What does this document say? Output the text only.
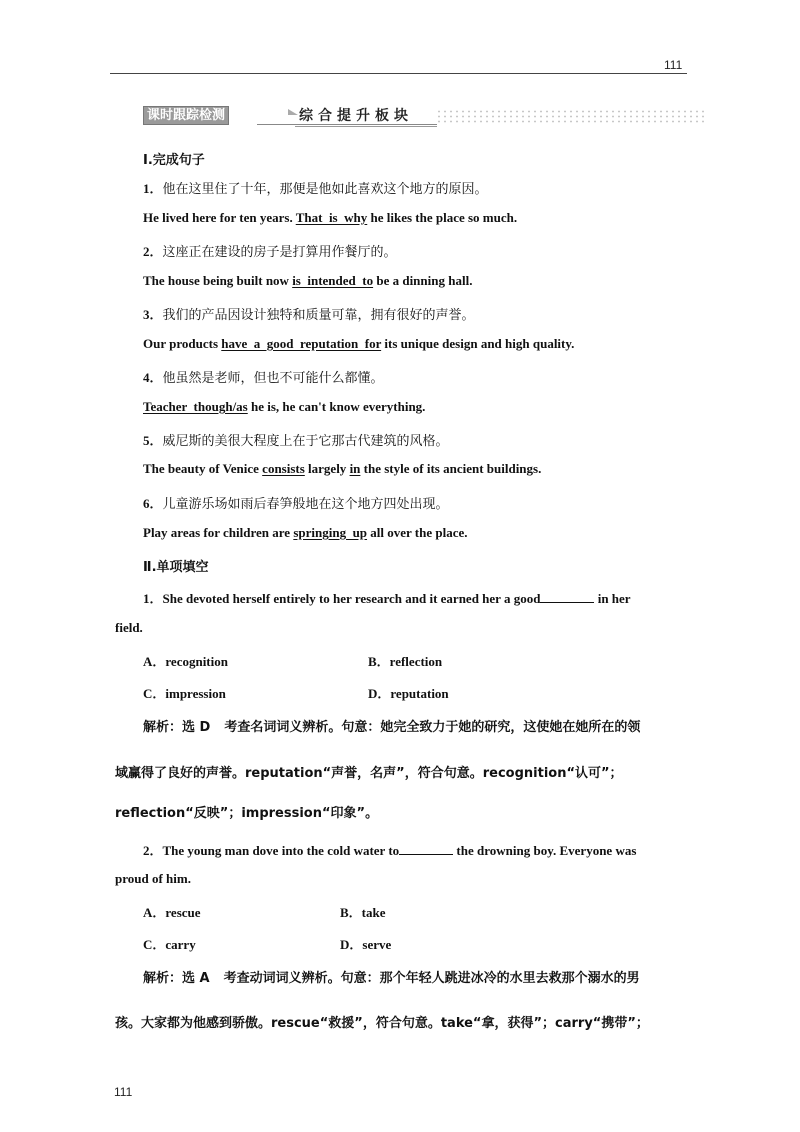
111
课时跟踪检测	综合提升板块
Ⅰ.完成句子
1．他在这里住了十年，那便是他如此喜欢这个地方的原因。
He lived here for ten years. That  is  why he likes the place so much.
2．这座正在建设的房子是打算用作餐厅的。
The house being built now is  intended  to be a dinning hall.
3．我们的产品因设计独特和质量可靠，拥有很好的声誉。
Our products have  a  good  reputation  for its unique design and high quality.
4．他虽然是老师，但也不可能什么都懂。
Teacher  though/as he is, he can't know everything.
5．威尼斯的美很大程度上在于它那古代建筑的风格。
The beauty of Venice consists largely in the style of its ancient buildings.
6．儿童游乐场如雨后春笋般地在这个地方四处出现。
Play areas for children are springing  up all over the place.
Ⅱ.单项填空
1．She devoted herself entirely to her research and it earned her a good	in her
field.
A．recognition	B．reflection
C．impression	D．reputation
解析：选 D 考查名词词义辨析。句意：她完全致力于她的研究，这使她在她所在的领
域赢得了良好的声誉。reputation“声誉，名声”，符合句意。recognition“认可”；
reflection“反映”；impression“印象”。
2．The young man dove into the cold water to	the drowning boy. Everyone was
proud of him.
A．rescue	B．take
C．carry	D．serve
解析：选 A 考查动词词义辨析。句意：那个年轻人跳进冰冷的水里去救那个溺水的男
孩。大家都为他感到骄傲。rescue“救援”，符合句意。take“拿，获得”；carry“携带”；
111
